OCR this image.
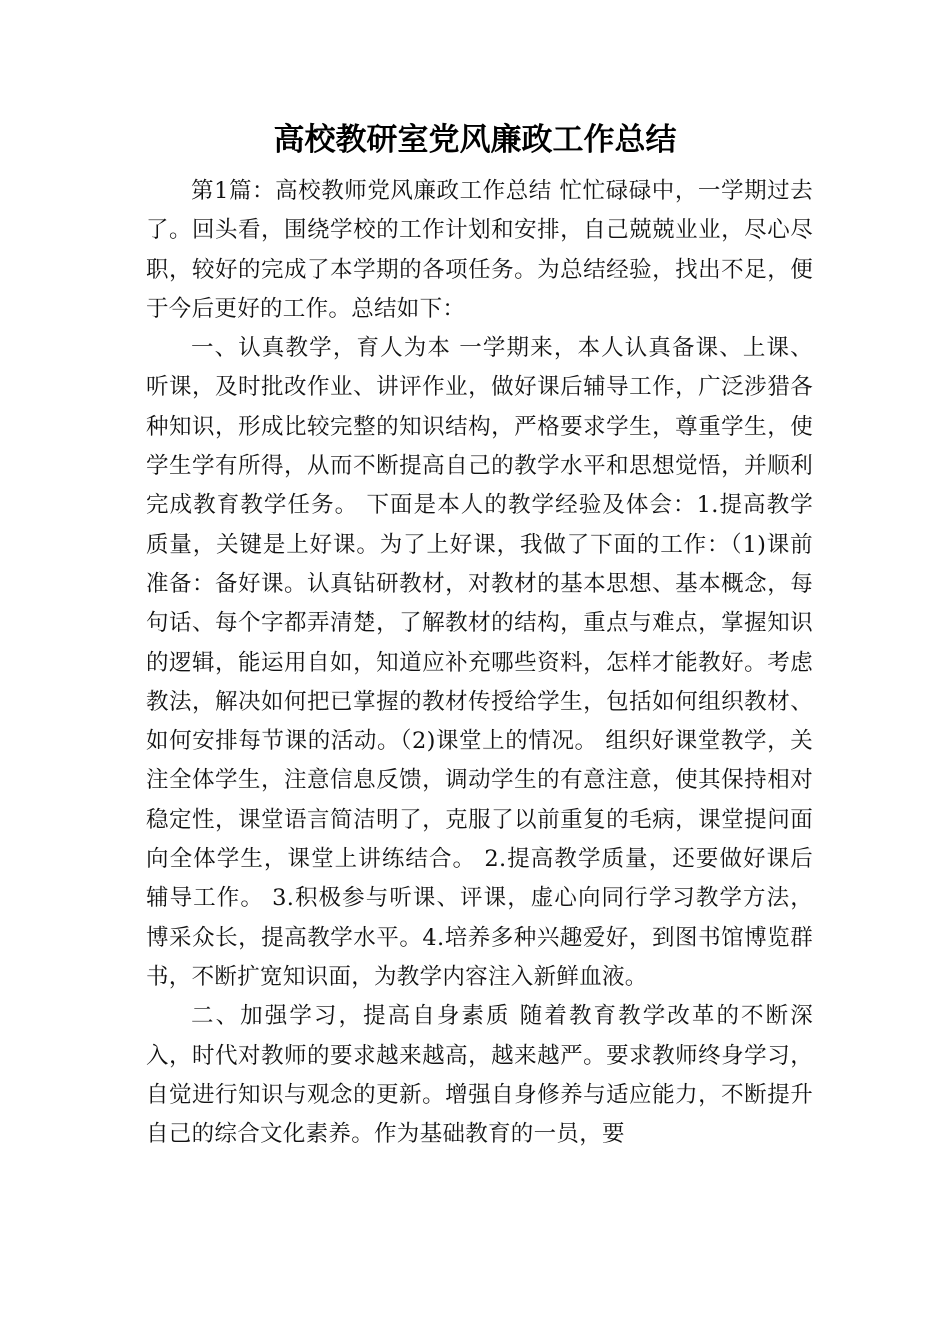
高校教研室党风廉政工作总结

第1篇：高校教师党风廉政工作总结 忙忙碌碌中，一学期过去了。回头看，围绕学校的工作计划和安排，自己兢兢业业，尽心尽职，较好的完成了本学期的各项任务。为总结经验，找出不足，便于今后更好的工作。总结如下：

一、认真教学，育人为本 一学期来，本人认真备课、上课、听课，及时批改作业、讲评作业，做好课后辅导工作，广泛涉猎各种知识，形成比较完整的知识结构，严格要求学生，尊重学生，使学生学有所得，从而不断提高自己的教学水平和思想觉悟，并顺利完成教育教学任务。 下面是本人的教学经验及体会：1.提高教学质量，关键是上好课。为了上好课，我做了下面的工作：（1)课前准备：备好课。认真钻研教材，对教材的基本思想、基本概念，每句话、每个字都弄清楚，了解教材的结构，重点与难点，掌握知识的逻辑，能运用自如，知道应补充哪些资料，怎样才能教好。考虑教法，解决如何把已掌握的教材传授给学生，包括如何组织教材、如何安排每节课的活动。（2)课堂上的情况。 组织好课堂教学，关注全体学生，注意信息反馈，调动学生的有意注意，使其保持相对稳定性，课堂语言简洁明了，克服了以前重复的毛病，课堂提问面向全体学生，课堂上讲练结合。 2.提高教学质量，还要做好课后辅导工作。 3.积极参与听课、评课，虚心向同行学习教学方法，博采众长，提高教学水平。4.培养多种兴趣爱好，到图书馆博览群书，不断扩宽知识面，为教学内容注入新鲜血液。

二、加强学习，提高自身素质 随着教育教学改革的不断深入，时代对教师的要求越来越高，越来越严。要求教师终身学习，自觉进行知识与观念的更新。增强自身修养与适应能力，不断提升自己的综合文化素养。作为基础教育的一员，要
